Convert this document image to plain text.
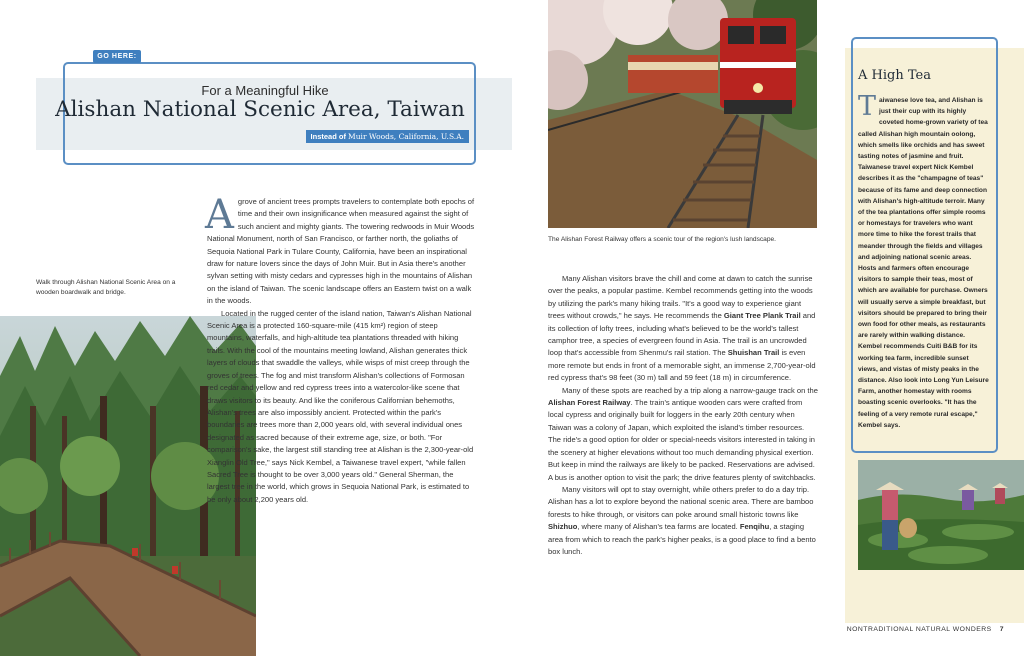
GO HERE:
For a Meaningful Hike
Alishan National Scenic Area, Taiwan
Instead of Muir Woods, California, U.S.A.
Walk through Alishan National Scenic Area on a wooden boardwalk and bridge.
A grove of ancient trees prompts travelers to contemplate both epochs of time and their own insignificance when measured against the sight of such ancient and mighty giants. The towering redwoods in Muir Woods National Monument, north of San Francisco, or farther north, the goliaths of Sequoia National Park in Tulare County, California, have been an inspirational draw for nature lovers since the days of John Muir. But in Asia there's another sylvan setting with misty cedars and cypresses high in the mountains of Alishan on the island of Taiwan. The scenic landscape offers an Eastern twist on a walk in the woods.

Located in the rugged center of the island nation, Taiwan's Alishan National Scenic Area is a protected 160-square-mile (415 km²) region of steep mountains, waterfalls, and high-altitude tea plantations threaded with hiking trails. With the cool of the mountains meeting lowland, Alishan generates thick layers of clouds that swaddle the valleys, while wisps of mist creep through the groves of trees. The fog and mist transform Alishan's collections of Formosan red cedar and yellow and red cypress trees into a watercolor-like scene that draws visitors to its beauty. And like the coniferous Californian behemoths, Alishan's trees are also impossibly ancient. Protected within the park's boundaries are trees more than 2,000 years old, with several individual ones designated as sacred because of their extreme age, size, or both. "For comparison's sake, the largest still standing tree at Alishan is the 2,300-year-old Xianglin Old Tree," says Nick Kembel, a Taiwanese travel expert, "while fallen Sacred Tree is thought to be over 3,000 years old." General Sherman, the largest tree in the world, which grows in Sequoia National Park, is estimated to be only about 2,200 years old.

The Alishan Forest Railway offers a scenic tour of the region's lush landscape.

Many Alishan visitors brave the chill and come at dawn to catch the sunrise over the peaks, a popular pastime. Kembel recommends getting into the woods by utilizing the park's many hiking trails. "It's a good way to experience giant trees without crowds," he says. He recommends the Giant Tree Plank Trail and its collection of lofty trees, including what's believed to be the world's tallest camphor tree, a species of evergreen found in Asia. The trail is an uncrowded loop that's accessible from Shenmu's rail station. The Shuishan Trail is even more remote but ends in front of a memorable sight, an immense 2,700-year-old red cypress that's 98 feet (30 m) tall and 59 feet (18 m) in circumference.

Many of these spots are reached by a trip along a narrow-gauge track on the Alishan Forest Railway. The train's antique wooden cars were crafted from local cypress and originally built for loggers in the early 20th century when Taiwan was a colony of Japan, which exploited the island's timber resources. The ride's a good option for older or special-needs visitors interested in taking in the scenery at higher elevations without too much demanding physical exertion. But keep in mind the railways are likely to be packed. Reservations are advised. A bus is another option to visit the park; the drive features plenty of switchbacks.

Many visitors will opt to stay overnight, while others prefer to do a day trip. Alishan has a lot to explore beyond the national scenic area. There are bamboo forests to hike through, or visitors can poke around small historic towns like Shizhuo, where many of Alishan's tea farms are located. Fenqihu, a staging area from which to reach the park's higher peaks, is a good place to find a bento box lunch.

A High Tea
T aiwanese love tea, and Alishan is just their cup with its highly coveted home-grown variety of tea called Alishan high mountain oolong, which smells like orchids and has sweet tasting notes of jasmine and fruit. Taiwanese travel expert Nick Kembel describes it as the "champagne of teas" because of its fame and deep connection with Alishan's high-altitude terroir. Many of the tea plantations offer simple rooms or homestays for travelers who want more time to hike the forest trails that meander through the fields and villages and adjoining national scenic areas. Hosts and farmers often encourage visitors to sample their teas, most of which are available for purchase. Owners will usually serve a simple breakfast, but visitors should be prepared to bring their own food for other meals, as restaurants are rarely within walking distance. Kembel recommends Cuiti B&B for its working tea farm, incredible sunset views, and vistas of misty peaks in the distance. Also look into Long Yun Leisure Farm, another homestay with rooms boasting scenic overlooks. "It has the feeling of a very remote rural escape," Kembel says.
NONTRADITIONAL NATURAL WONDERS 7
